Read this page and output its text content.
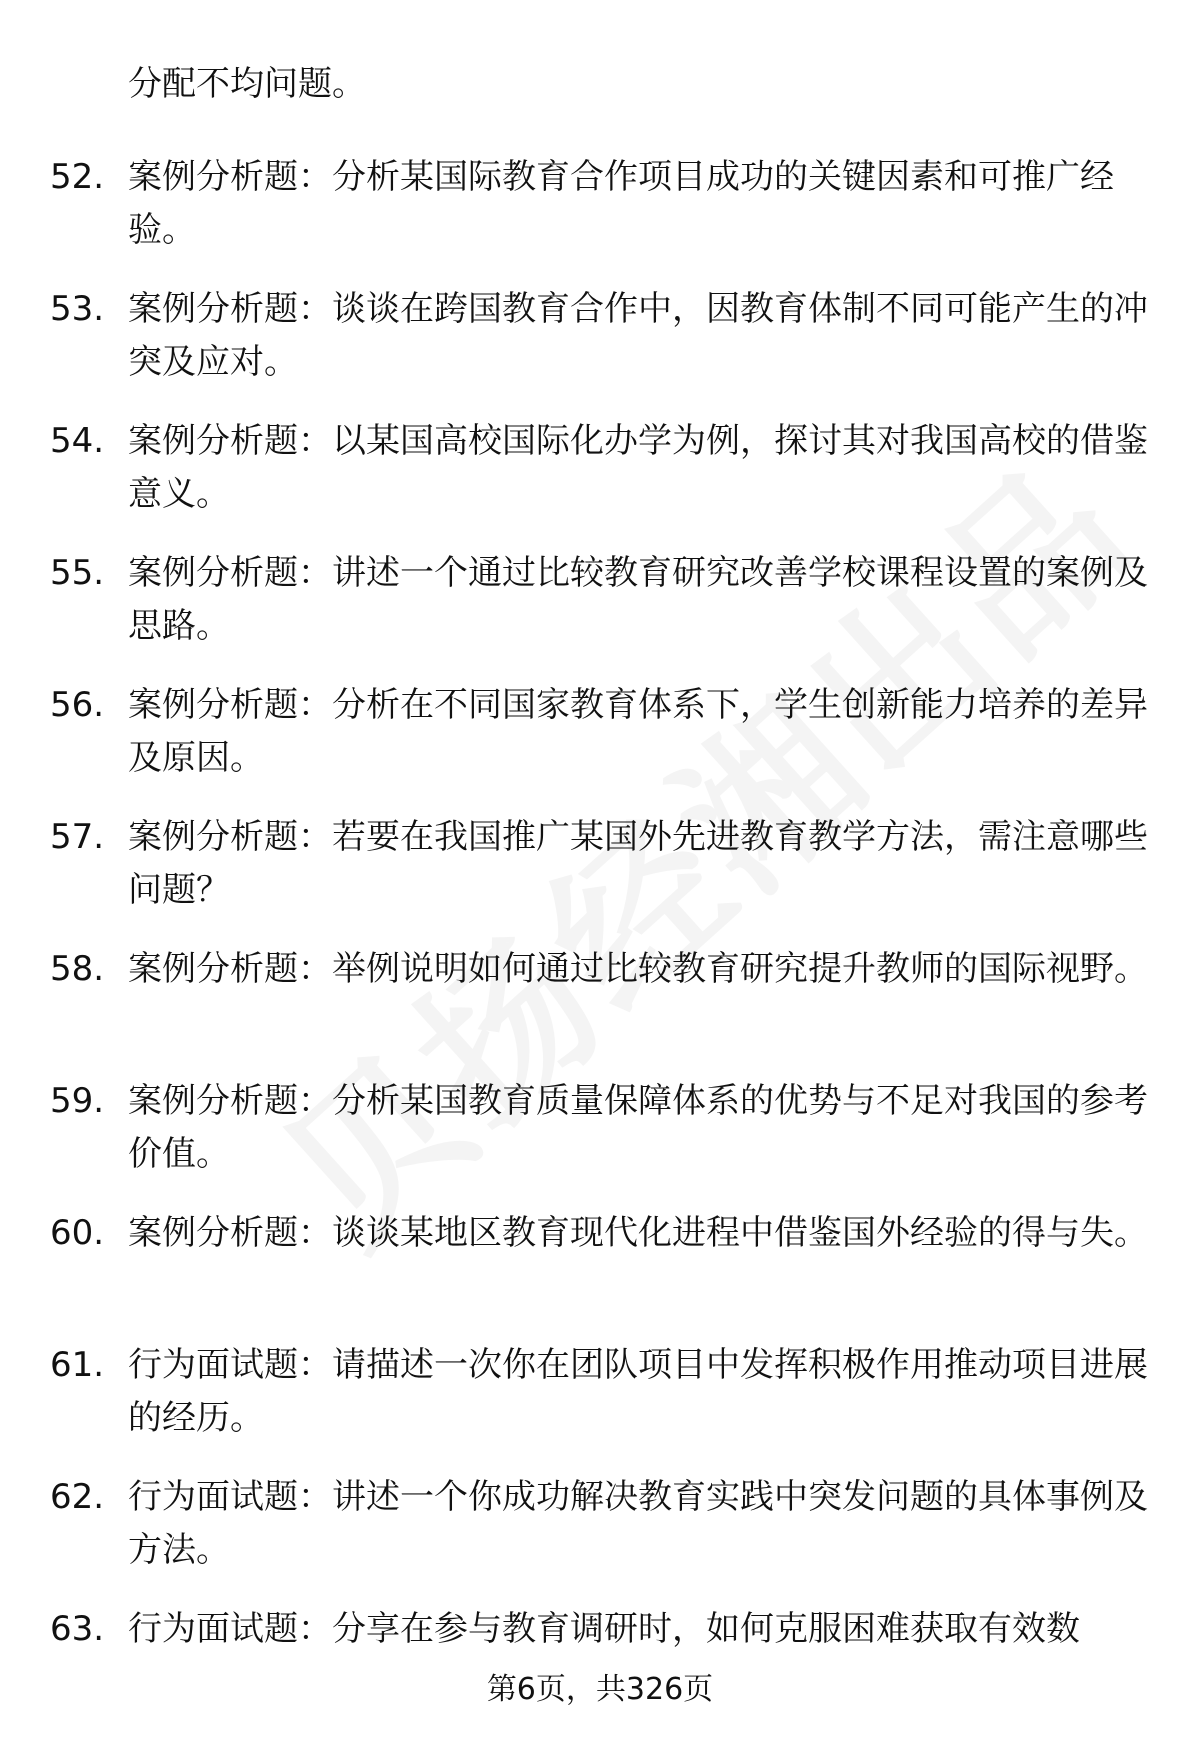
分配不均问题。
52. 案例分析题：分析某国际教育合作项目成功的关键因素和可推广经验。
53. 案例分析题：谈谈在跨国教育合作中，因教育体制不同可能产生的冲突及应对。
54. 案例分析题：以某国高校国际化办学为例，探讨其对我国高校的借鉴意义。
55. 案例分析题：讲述一个通过比较教育研究改善学校课程设置的案例及思路。
56. 案例分析题：分析在不同国家教育体系下，学生创新能力培养的差异及原因。
57. 案例分析题：若要在我国推广某国外先进教育教学方法，需注意哪些问题？
58. 案例分析题：举例说明如何通过比较教育研究提升教师的国际视野。
59. 案例分析题：分析某国教育质量保障体系的优势与不足对我国的参考价值。
60. 案例分析题：谈谈某地区教育现代化进程中借鉴国外经验的得与失。
61. 行为面试题：请描述一次你在团队项目中发挥积极作用推动项目进展的经历。
62. 行为面试题：讲述一个你成功解决教育实践中突发问题的具体事例及方法。
63. 行为面试题：分享在参与教育调研时，如何克服困难获取有效数
第6页，共326页
